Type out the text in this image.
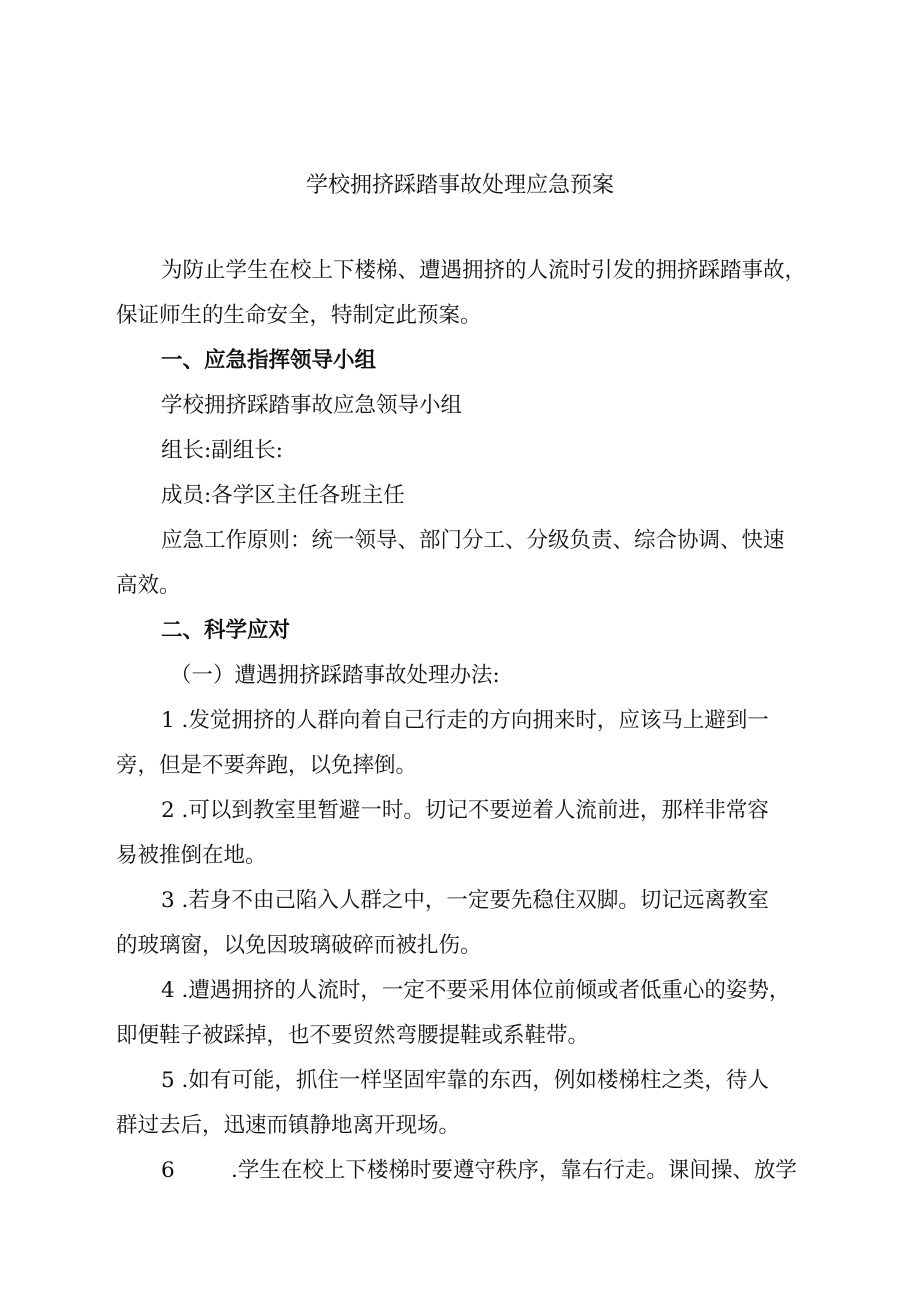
学校拥挤踩踏事故处理应急预案
为防止学生在校上下楼梯、遭遇拥挤的人流时引发的拥挤踩踏事故，
保证师生的生命安全，特制定此预案。
一、应急指挥领导小组
学校拥挤踩踏事故应急领导小组
组长:副组长:
成员:各学区主任各班主任
应急工作原则：统一领导、部门分工、分级负责、综合协调、快速
高效。
二、科学应对
（一）遭遇拥挤踩踏事故处理办法:
1 .发觉拥挤的人群向着自己行走的方向拥来时，应该马上避到一
旁，但是不要奔跑，以免摔倒。
2 .可以到教室里暂避一时。切记不要逆着人流前进，那样非常容
易被推倒在地。
3 .若身不由己陷入人群之中，一定要先稳住双脚。切记远离教室
的玻璃窗，以免因玻璃破碎而被扎伤。
4 .遭遇拥挤的人流时，一定不要采用体位前倾或者低重心的姿势，
即便鞋子被踩掉，也不要贸然弯腰提鞋或系鞋带。
5 .如有可能，抓住一样坚固牢靠的东西，例如楼梯柱之类，待人
群过去后，迅速而镇静地离开现场。
6	.学生在校上下楼梯时要遵守秩序，靠右行走。课间操、放学
